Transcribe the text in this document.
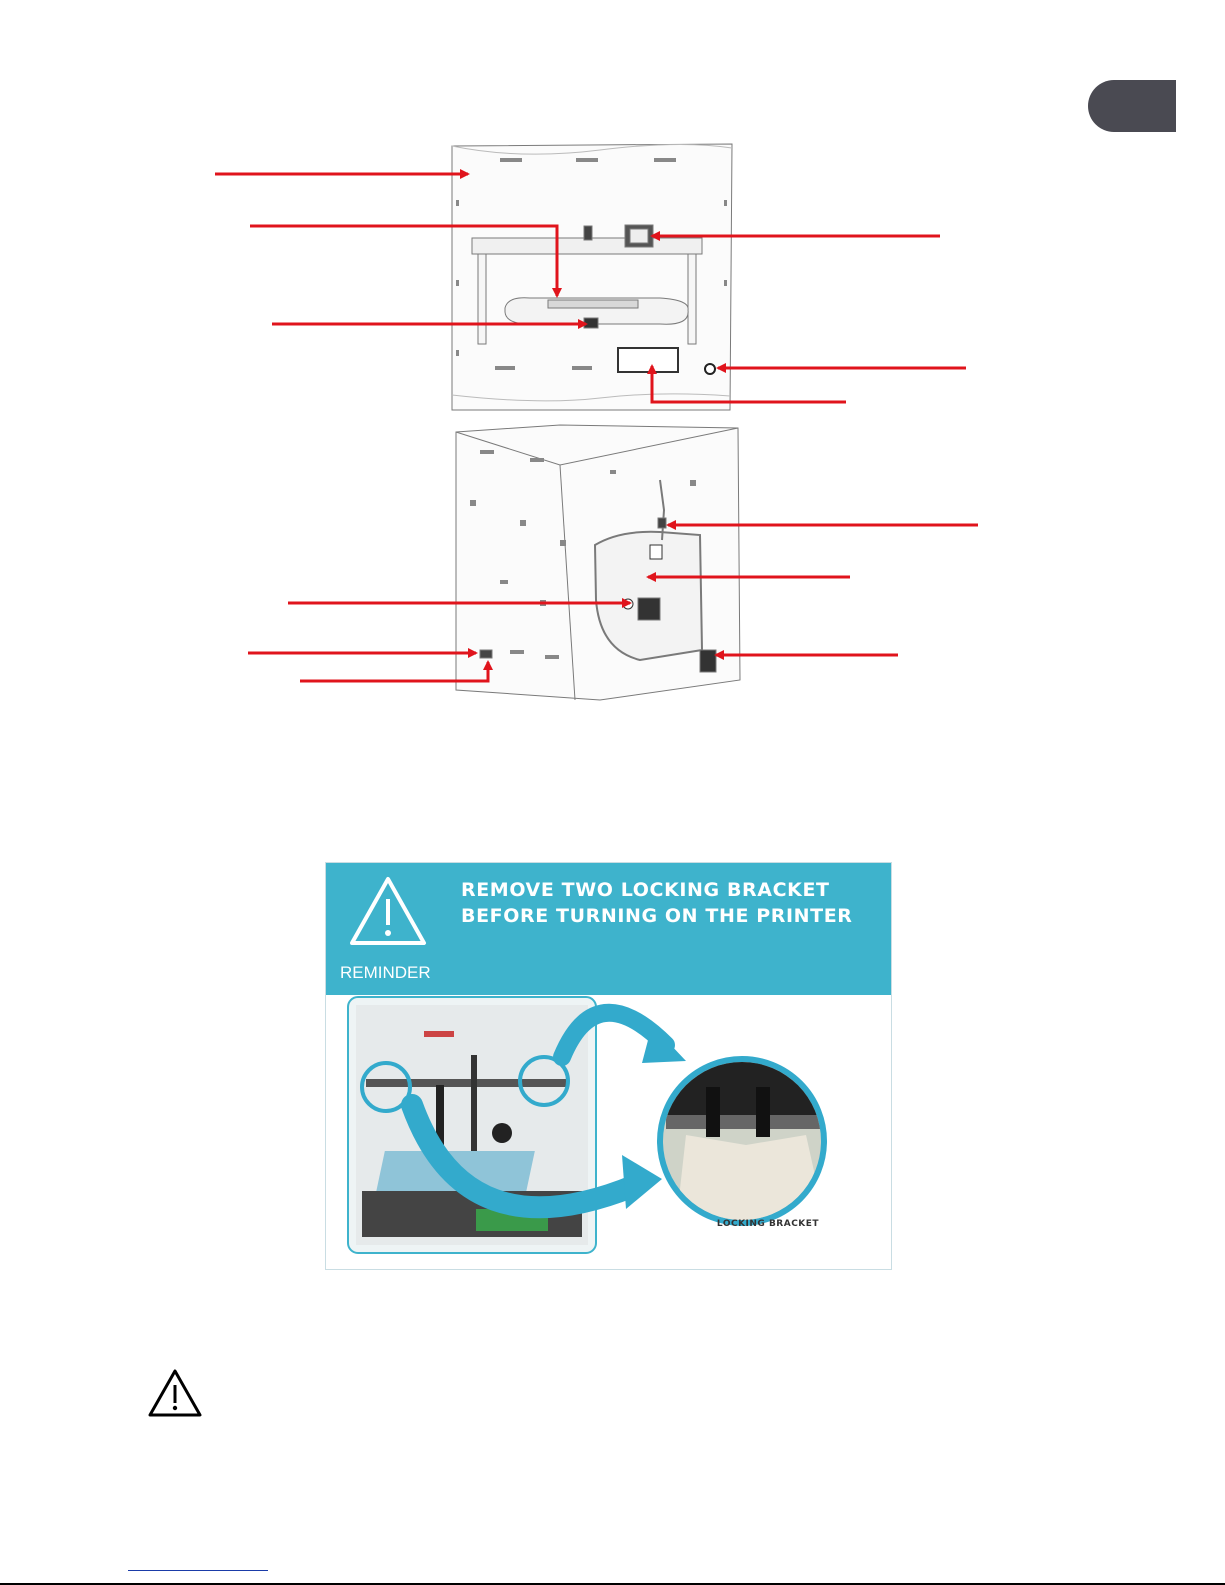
REMOVE TWO LOCKING BRACKET
BEFORE TURNING ON THE PRINTER
REMINDER
LOCKING BRACKET
